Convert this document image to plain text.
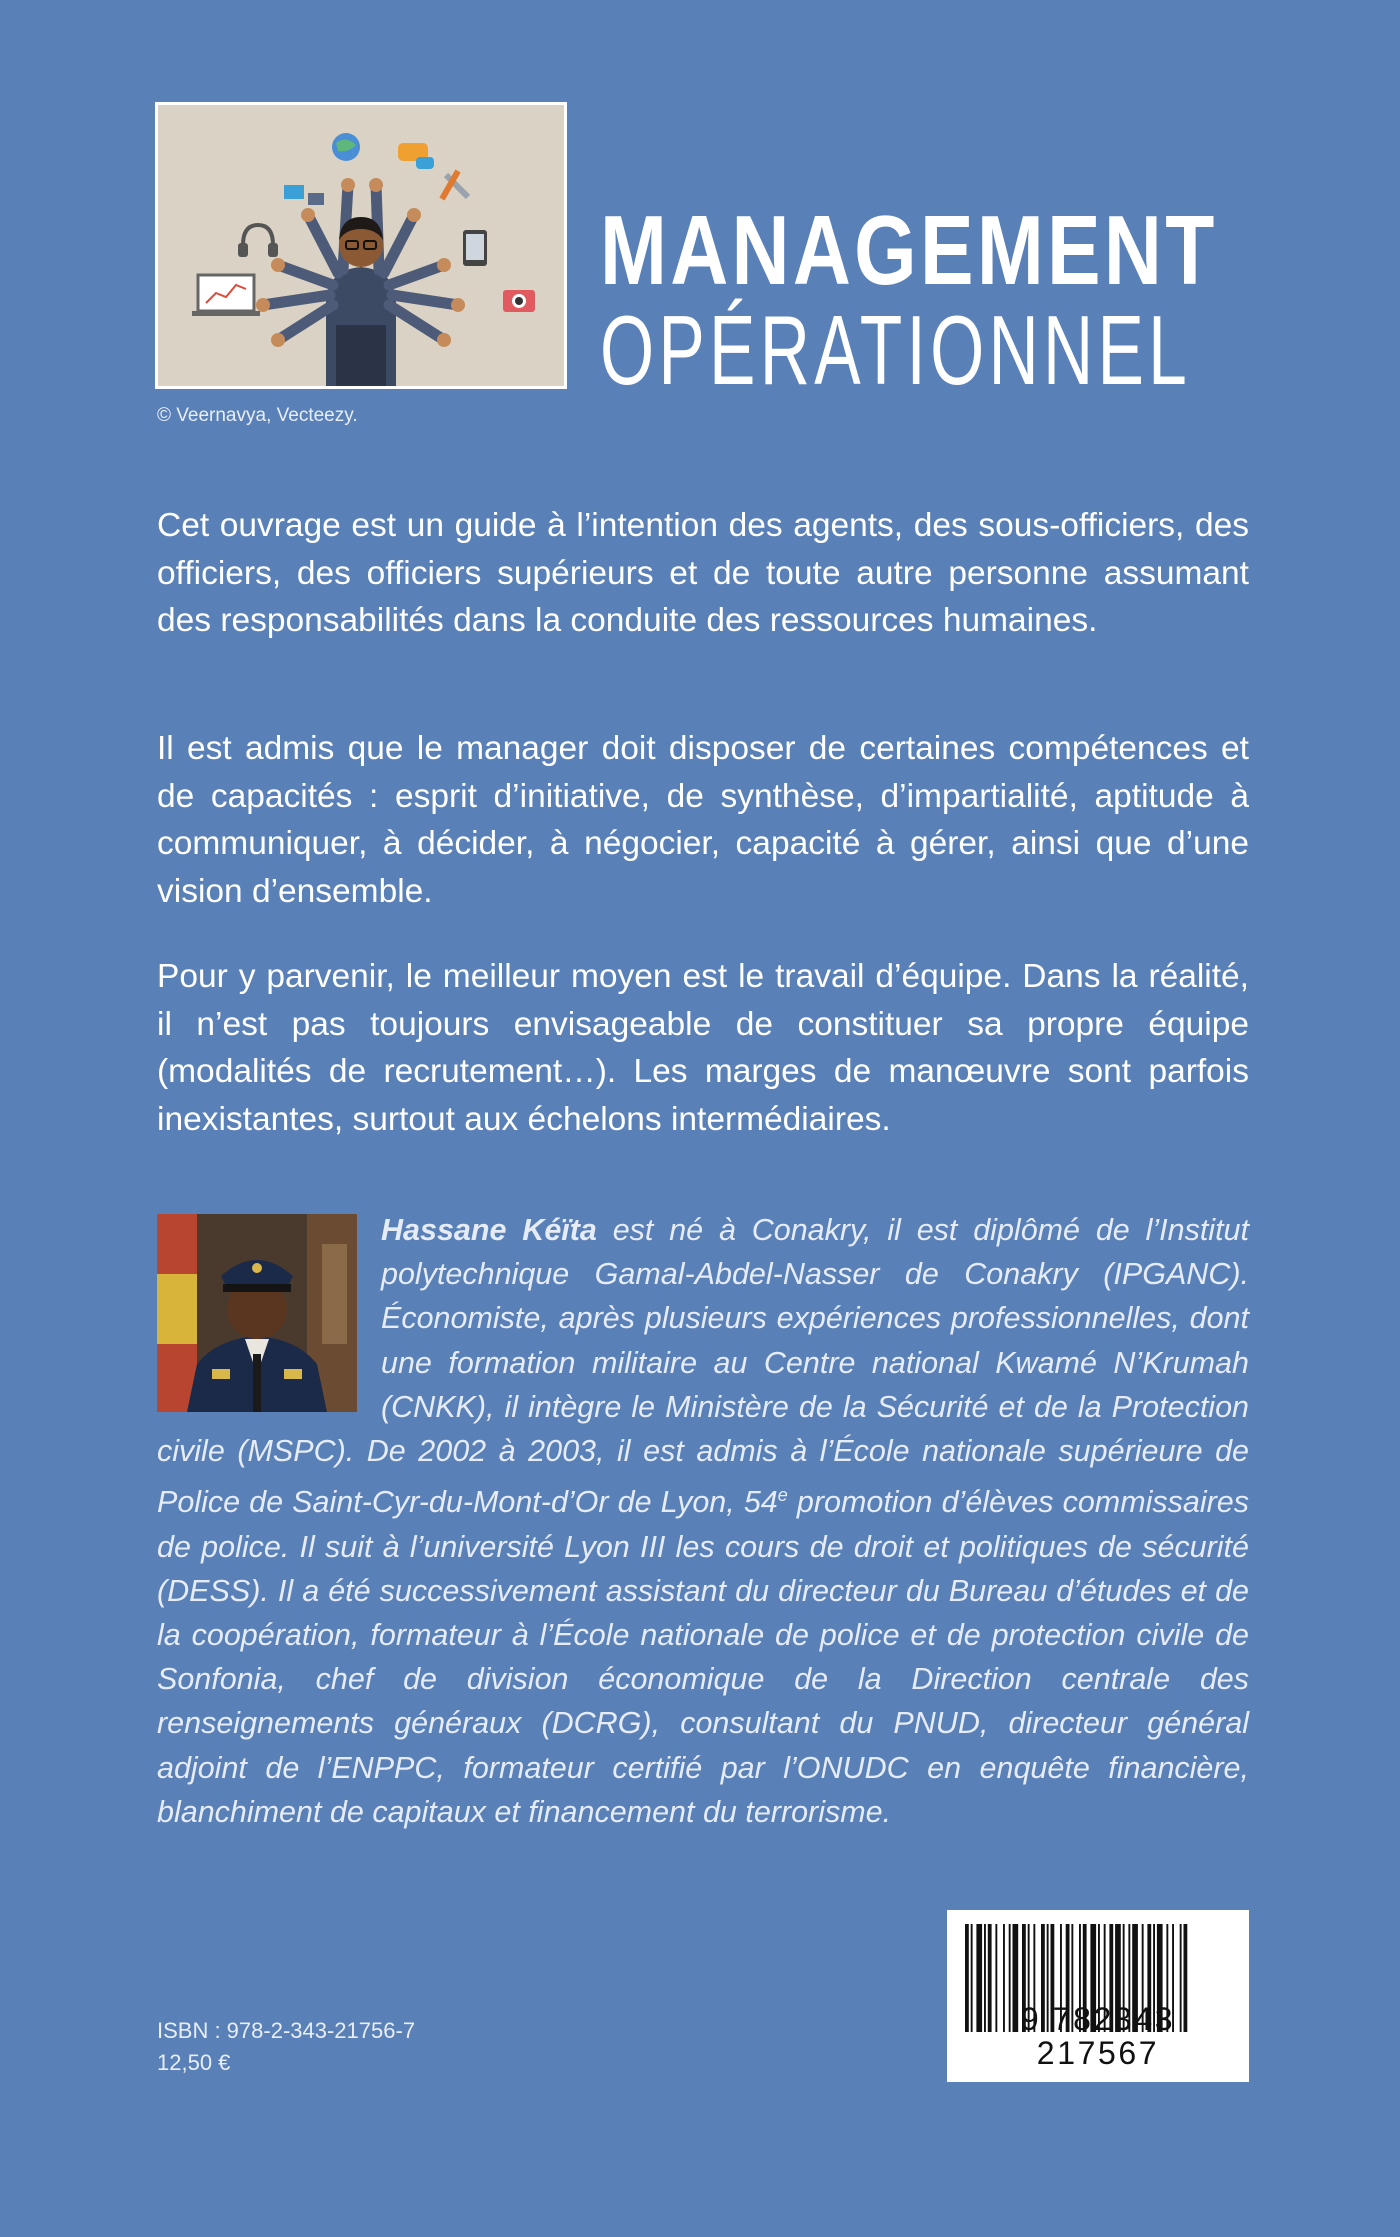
© Veernavya, Vecteezy.
MANAGEMENT
OPÉRATIONNEL
Cet ouvrage est un guide à l’intention des agents, des sous-officiers, des officiers, des officiers supérieurs et de toute autre personne assumant des responsabilités dans la conduite des ressources humaines.
Il est admis que le manager doit disposer de certaines compétences et de capacités : esprit d’initiative, de synthèse, d’impartialité, aptitude à communiquer, à décider, à négocier, capacité à gérer, ainsi que d’une vision d’ensemble.
Pour y parvenir, le meilleur moyen est le travail d’équipe. Dans la réalité, il n’est pas toujours envisageable de constituer sa propre équipe (modalités de recrutement…). Les marges de manœuvre sont parfois inexistantes, surtout aux échelons intermédiaires.
Hassane Kéïta est né à Conakry, il est diplômé de l’Institut polytechnique Gamal-Abdel-Nasser de Conakry (IPGANC). Économiste, après plusieurs expériences professionnelles, dont une formation militaire au Centre national Kwamé N’Krumah (CNKK), il intègre le Ministère de la Sécurité et de la Protection civile (MSPC). De 2002 à 2003, il est admis à l’École nationale supérieure de Police de Saint-Cyr-du-Mont-d’Or de Lyon, 54e promotion d’élèves commissaires de police. Il suit à l’université Lyon III les cours de droit et politiques de sécurité (DESS). Il a été successivement assistant du directeur du Bureau d’études et de la coopération, formateur à l’École nationale de police et de protection civile de Sonfonia, chef de division économique de la Direction centrale des renseignements généraux (DCRG), consultant du PNUD, directeur général adjoint de l’ENPPC, formateur certifié par l’ONUDC en enquête financière, blanchiment de capitaux et financement du terrorisme.
ISBN : 978-2-343-21756-7
12,50 €
9 782343 217567
